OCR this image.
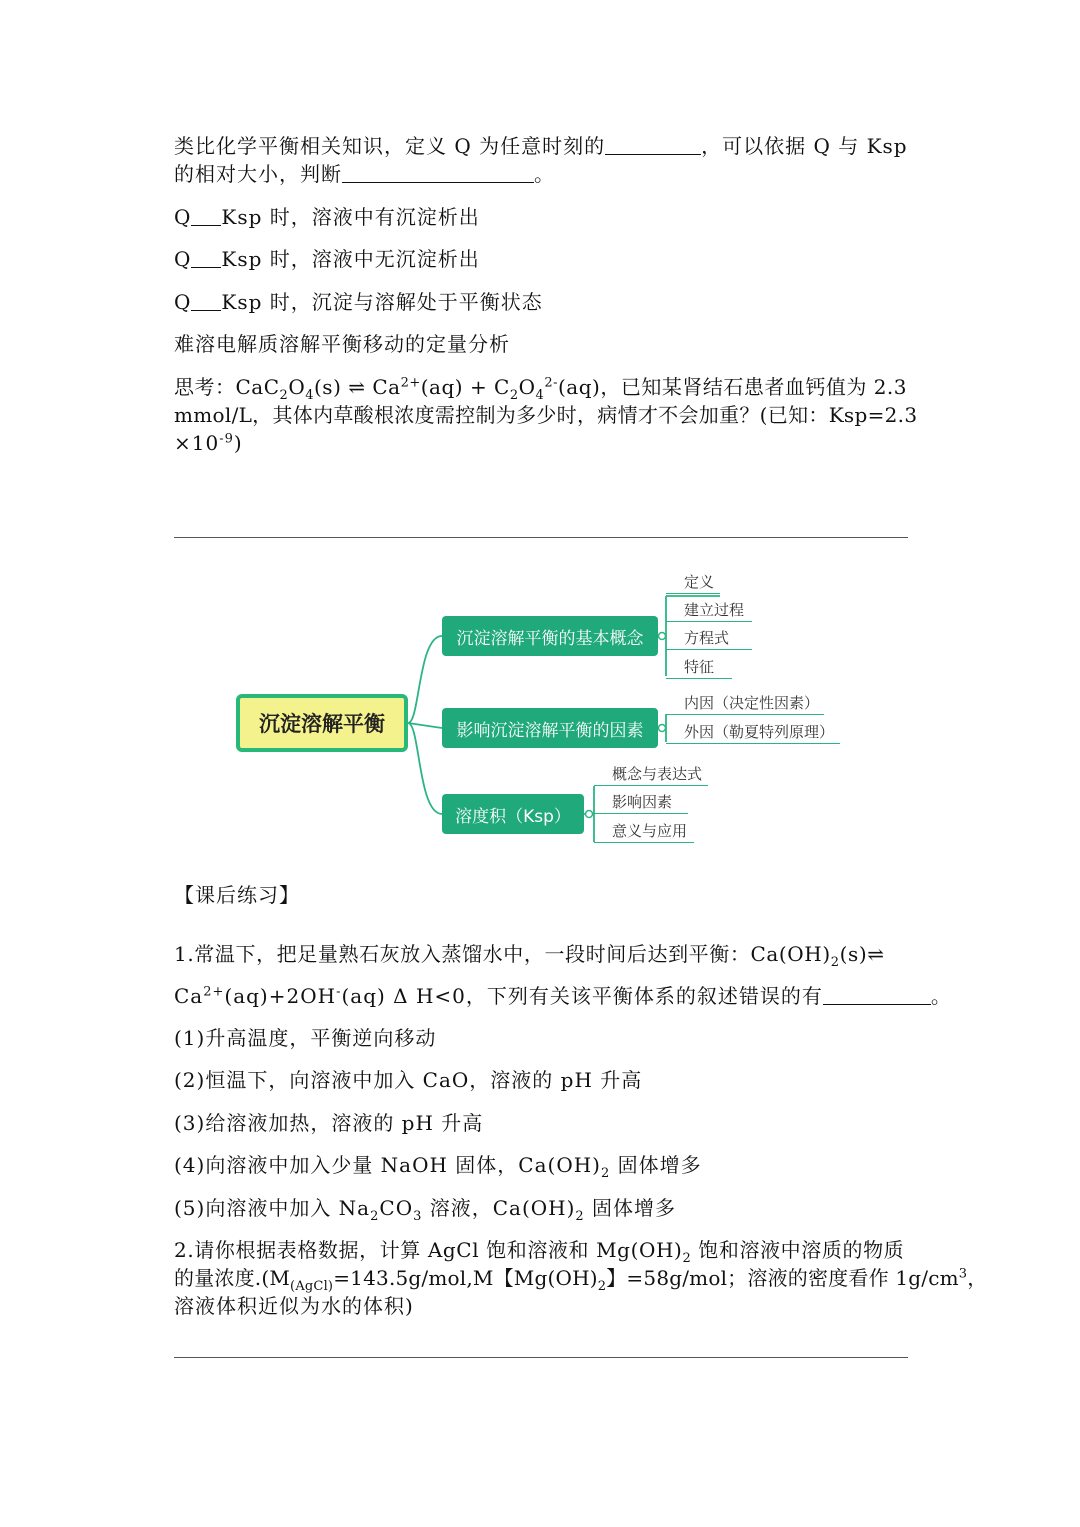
类比化学平衡相关知识，定义 Q 为任意时刻的	，可以依据 Q 与 Ksp
的相对大小，判断	。
Q Ksp 时，溶液中有沉淀析出
Q Ksp 时，溶液中无沉淀析出
Q Ksp 时，沉淀与溶解处于平衡状态
难溶电解质溶解平衡移动的定量分析
思考：$CaC_2O_4(s)$ ⇌ $Ca^{2+}(aq) + C_2O_4^{2-}(aq)$，已知某肾结石患者血钙值为 2.3
mmol/L，其体内草酸根浓度需控制为多少时，病情才不会加重？(已知：Ksp=2.3
$\times 10^{-9}$)
沉淀溶解平衡
沉淀溶解平衡的基本概念
影响沉淀溶解平衡的因素
溶度积（Ksp）
定义
建立过程
方程式
特征
内因（决定性因素）
外因（勒夏特列原理）
概念与表达式
影响因素
意义与应用
【课后练习】
1.常温下，把足量熟石灰放入蒸馏水中，一段时间后达到平衡：$Ca(OH)_2(s)\rightleftharpoons$
$Ca^{2+}(aq)+2OH^-(aq)$ Δ H<0，下列有关该平衡体系的叙述错误的有	。
(1)升高温度，平衡逆向移动
(2)恒温下，向溶液中加入 CaO，溶液的 pH 升高
(3)给溶液加热，溶液的 pH 升高
(4)向溶液中加入少量 NaOH 固体，$Ca(OH)_2$ 固体增多
(5)向溶液中加入 $Na_2CO_3$ 溶液，$Ca(OH)_2$ 固体增多
2.请你根据表格数据，计算 AgCl 饱和溶液和 $Mg(OH)_2$ 饱和溶液中溶质的物质
的量浓度$.(M_{(AgCl)}=143.5g/mol,M$【$Mg(OH)_2$】=58g/mol；溶液的密度看作 $1g/cm^3$，
溶液体积近似为水的体积)
